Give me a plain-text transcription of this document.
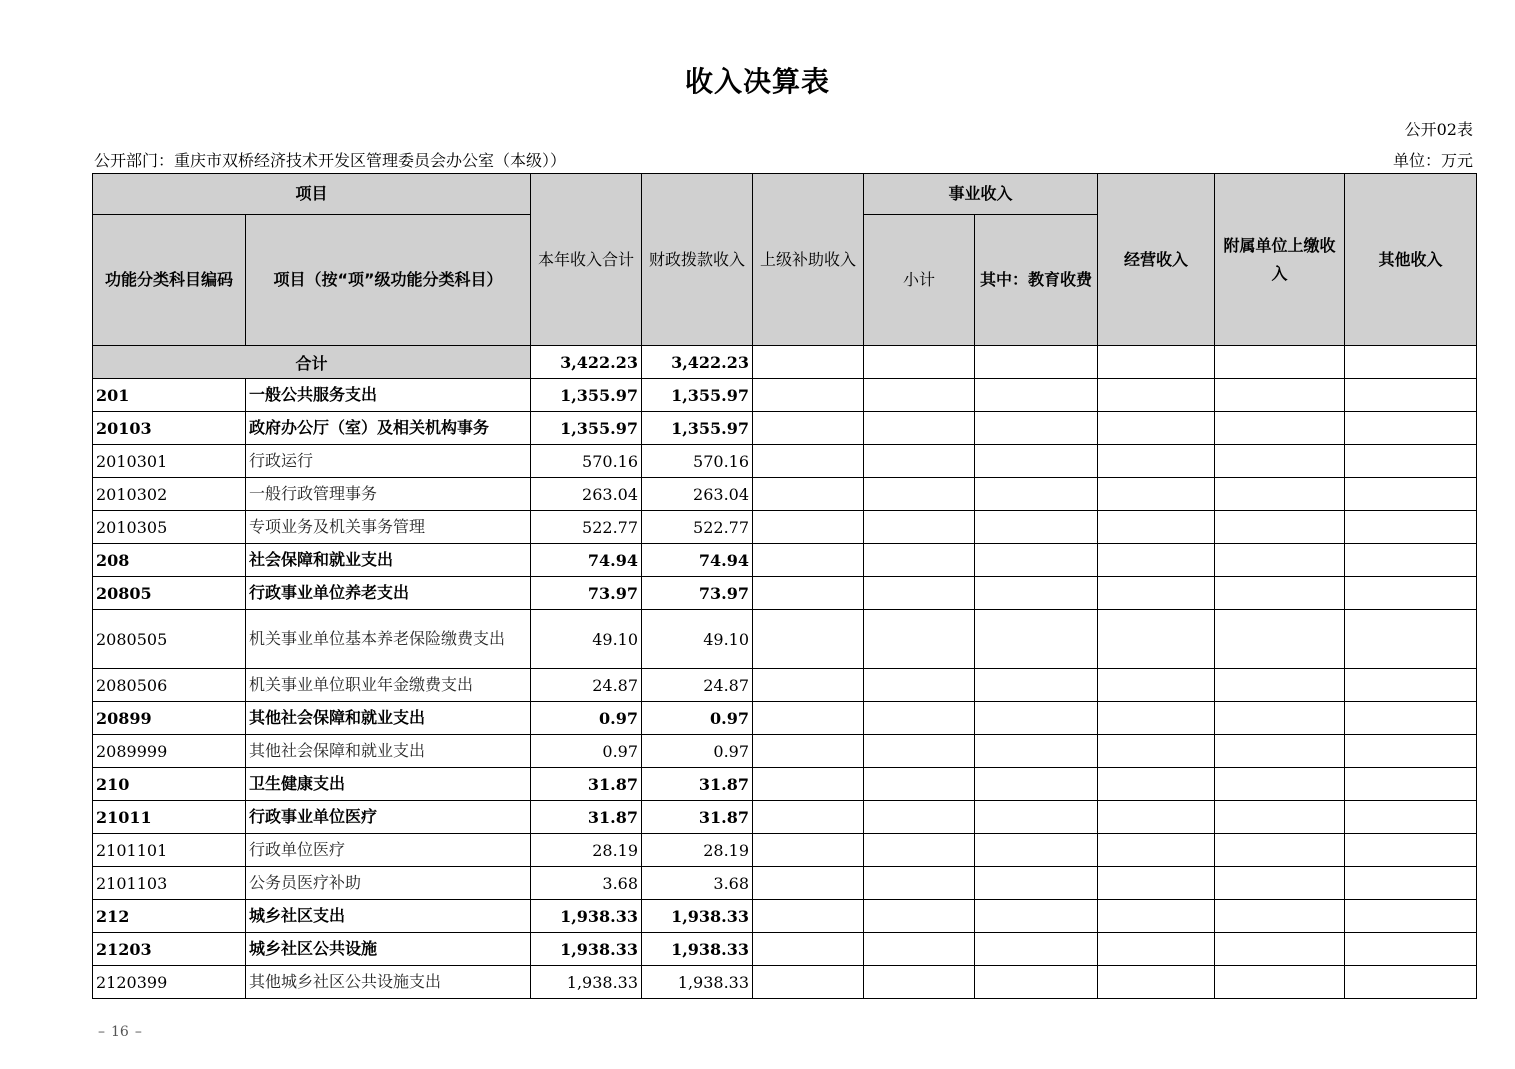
收入决算表
公开02表
公开部门：重庆市双桥经济技术开发区管理委员会办公室（本级））	单位：万元
项目		本年收入合计	财政拨款收入	上级补助收入	事业收入		经营收入	附属单位上缴收入	其他收入
功能分类科目编码	项目（按“项”级功能分类科目）				小计	其中：教育收费			
合计		3,422.23	3,422.23						
201	一般公共服务支出	1,355.97	1,355.97						
20103	政府办公厅（室）及相关机构事务	1,355.97	1,355.97						
2010301	行政运行	570.16	570.16						
2010302	一般行政管理事务	263.04	263.04						
2010305	专项业务及机关事务管理	522.77	522.77						
208	社会保障和就业支出	74.94	74.94						
20805	行政事业单位养老支出	73.97	73.97						
2080505	机关事业单位基本养老保险缴费支出	49.10	49.10						
2080506	机关事业单位职业年金缴费支出	24.87	24.87						
20899	其他社会保障和就业支出	0.97	0.97						
2089999	其他社会保障和就业支出	0.97	0.97						
210	卫生健康支出	31.87	31.87						
21011	行政事业单位医疗	31.87	31.87						
2101101	行政单位医疗	28.19	28.19						
2101103	公务员医疗补助	3.68	3.68						
212	城乡社区支出	1,938.33	1,938.33						
21203	城乡社区公共设施	1,938.33	1,938.33						
2120399	其他城乡社区公共设施支出	1,938.33	1,938.33						
– 16 –
